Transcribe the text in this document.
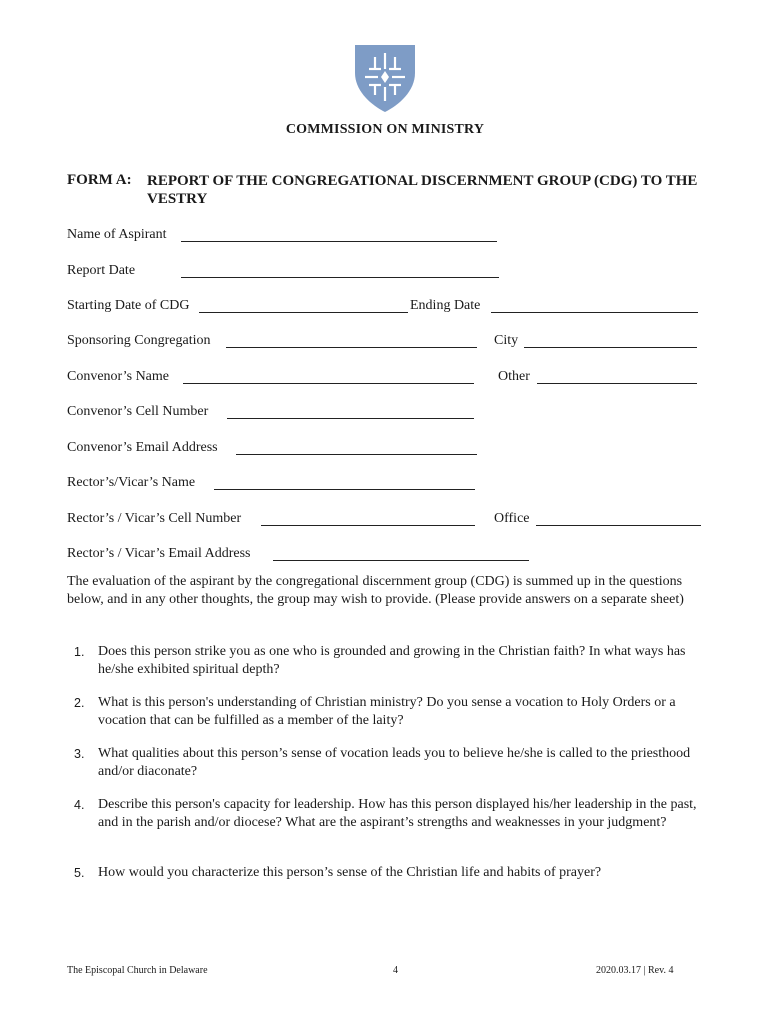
COMMISSION ON MINISTRY
FORM A: REPORT OF THE CONGREGATIONAL DISCERNMENT GROUP (CDG) TO THE VESTRY
Name of Aspirant
Report Date
Starting Date of CDG	Ending Date
Sponsoring Congregation	City
Convenor’s Name	Other
Convenor’s Cell Number
Convenor’s Email Address
Rector’s/Vicar’s Name
Rector’s / Vicar’s Cell Number	Office
Rector’s / Vicar’s Email Address
The evaluation of the aspirant by the congregational discernment group (CDG) is summed up in the questions below, and in any other thoughts, the group may wish to provide. (Please provide answers on a separate sheet)
1. Does this person strike you as one who is grounded and growing in the Christian faith? In what ways has he/she exhibited spiritual depth?
2. What is this person's understanding of Christian ministry? Do you sense a vocation to Holy Orders or a vocation that can be fulfilled as a member of the laity?
3. What qualities about this person’s sense of vocation leads you to believe he/she is called to the priesthood and/or diaconate?
4. Describe this person's capacity for leadership. How has this person displayed his/her leadership in the past, and in the parish and/or diocese? What are the aspirant’s strengths and weaknesses in your judgment?
5. How would you characterize this person’s sense of the Christian life and habits of prayer?
The Episcopal Church in Delaware	4	2020.03.17 | Rev. 4
